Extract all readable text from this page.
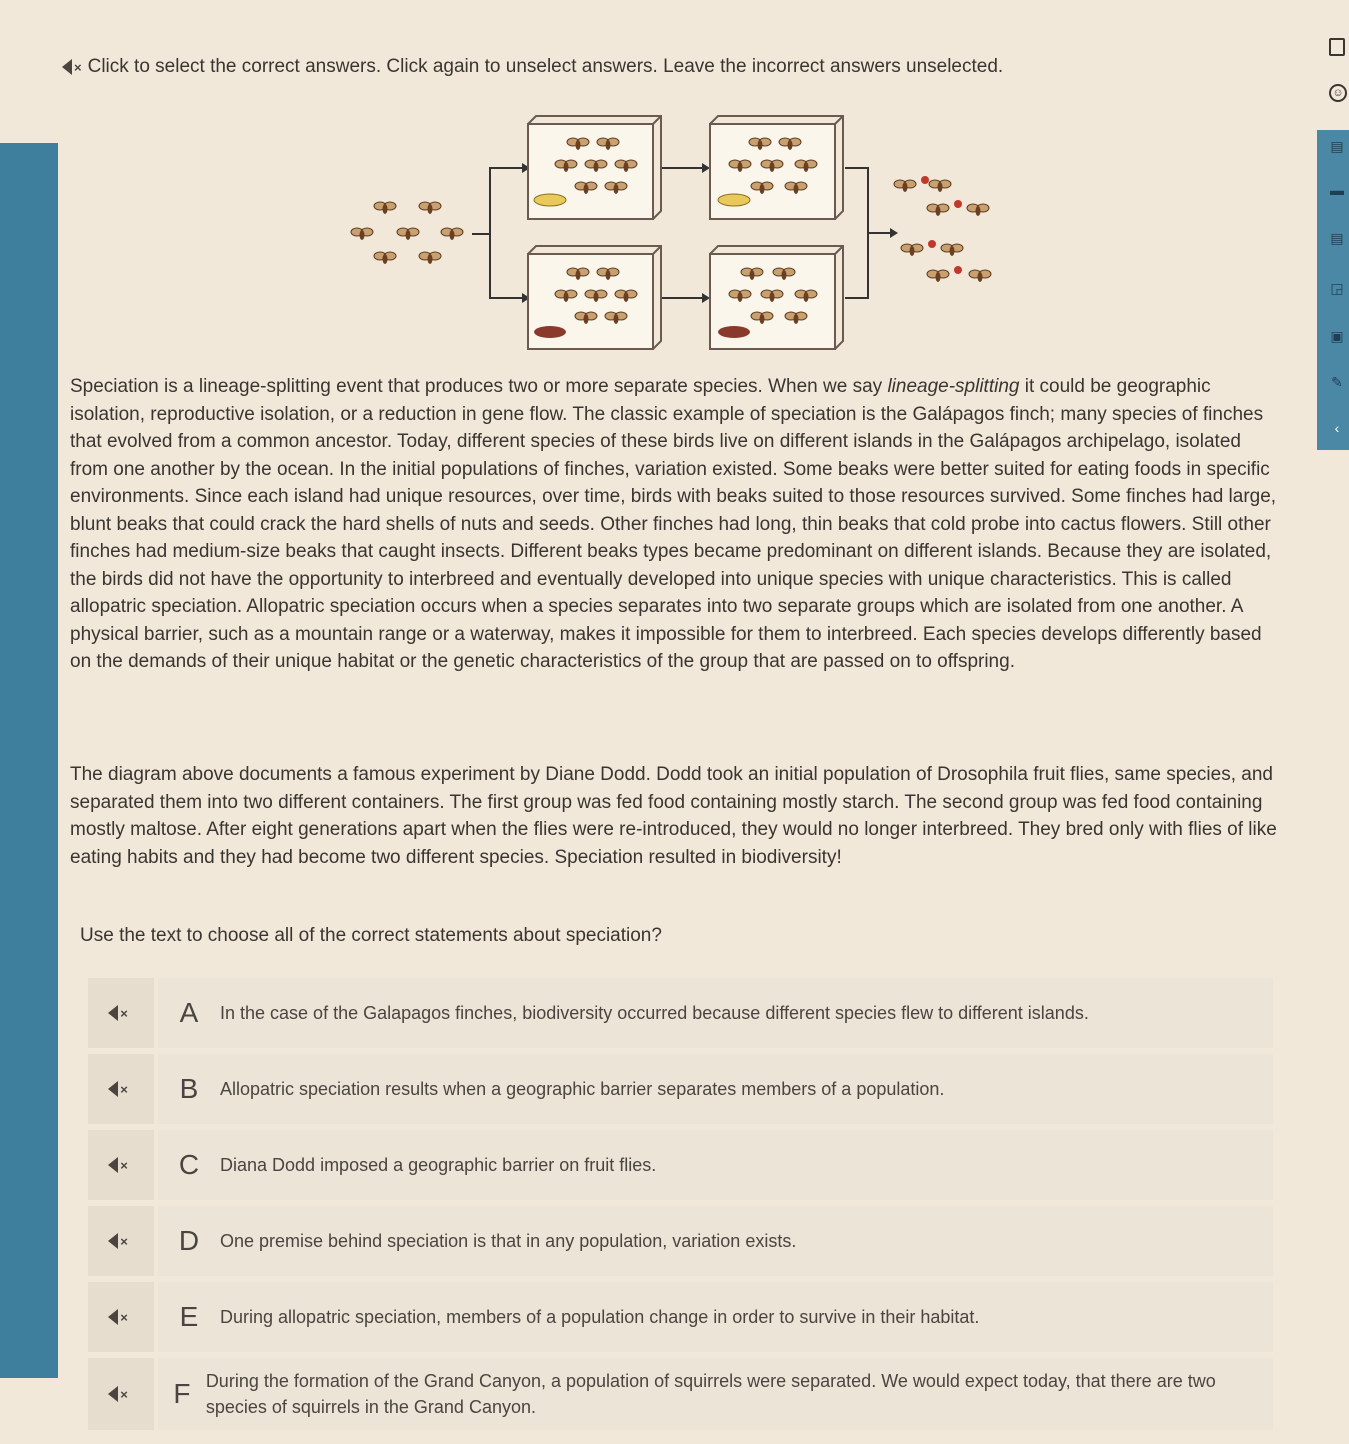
▤
▬
▤
◲
▣
✎
‹
☺
× Click to select the correct answers. Click again to unselect answers. Leave the incorrect answers unselected.

Speciation is a lineage-splitting event that produces two or more separate species. When we say lineage-splitting it could be geographic isolation, reproductive isolation, or a reduction in gene flow. The classic example of speciation is the Galápagos finch; many species of finches that evolved from a common ancestor. Today, different species of these birds live on different islands in the Galápagos archipelago, isolated from one another by the ocean. In the initial populations of finches, variation existed. Some beaks were better suited for eating foods in specific environments. Since each island had unique resources, over time, birds with beaks suited to those resources survived. Some finches had large, blunt beaks that could crack the hard shells of nuts and seeds. Other finches had long, thin beaks that cold probe into cactus flowers. Still other finches had medium-size beaks that caught insects. Different beaks types became predominant on different islands. Because they are isolated, the birds did not have the opportunity to interbreed and eventually developed into unique species with unique characteristics. This is called allopatric speciation. Allopatric speciation occurs when a species separates into two separate groups which are isolated from one another. A physical barrier, such as a mountain range or a waterway, makes it impossible for them to interbreed. Each species develops differently based on the demands of their unique habitat or the genetic characteristics of the group that are passed on to offspring.

The diagram above documents a famous experiment by Diane Dodd. Dodd took an initial population of Drosophila fruit flies, same species, and separated them into two different containers. The first group was fed food containing mostly starch. The second group was fed food containing mostly maltose. After eight generations apart when the flies were re-introduced, they would no longer interbreed. They bred only with flies of like eating habits and they had become two different species. Speciation resulted in biodiversity!

Use the text to choose all of the correct statements about speciation?
×	A	In the case of the Galapagos finches, biodiversity occurred because different species flew to different islands.
×	B	Allopatric speciation results when a geographic barrier separates members of a population.
×	C	Diana Dodd imposed a geographic barrier on fruit flies.
×	D	One premise behind speciation is that in any population, variation exists.
×	E	During allopatric speciation, members of a population change in order to survive in their habitat.
×	F During the formation of the Grand Canyon, a population of squirrels were separated. We would expect today, that there are two species of squirrels in the Grand Canyon.
